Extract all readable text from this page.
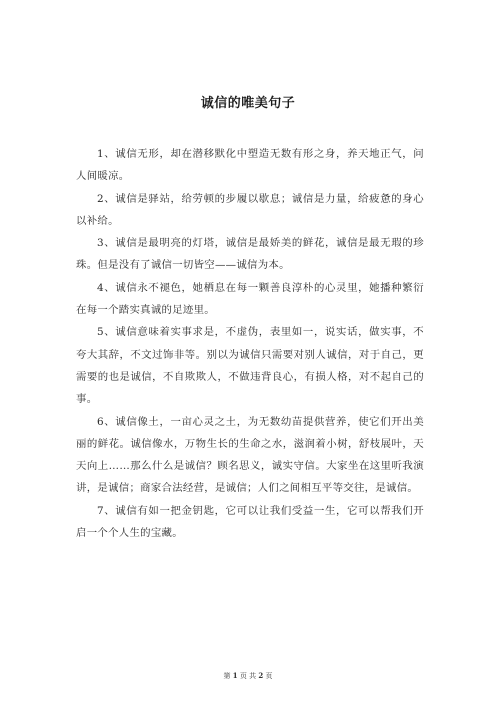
诚信的唯美句子

1、诚信无形，却在潜移默化中塑造无数有形之身，养天地正气，问人间暖凉。

2、诚信是驿站，给劳顿的步履以歇息；诚信是力量，给疲惫的身心以补给。

3、诚信是最明亮的灯塔，诚信是最娇美的鲜花，诚信是最无瑕的珍珠。但是没有了诚信一切皆空——诚信为本。

4、诚信永不褪色，她栖息在每一颗善良淳朴的心灵里，她播种繁衍在每一个踏实真诚的足迹里。

5、诚信意味着实事求是，不虚伪，表里如一，说实话，做实事，不夸大其辞，不文过饰非等。别以为诚信只需要对别人诚信，对于自己，更需要的也是诚信，不自欺欺人，不做违背良心，有损人格，对不起自己的事。

6、诚信像土，一亩心灵之土，为无数幼苗提供营养，使它们开出美丽的鲜花。诚信像水，万物生长的生命之水，滋润着小树，舒枝展叶，天天向上……那么什么是诚信？顾名思义，诚实守信。大家坐在这里听我演讲，是诚信；商家合法经营，是诚信；人们之间相互平等交往，是诚信。

7、诚信有如一把金钥匙，它可以让我们受益一生，它可以帮我们开启一个个人生的宝藏。

第 1 页 共 2 页
